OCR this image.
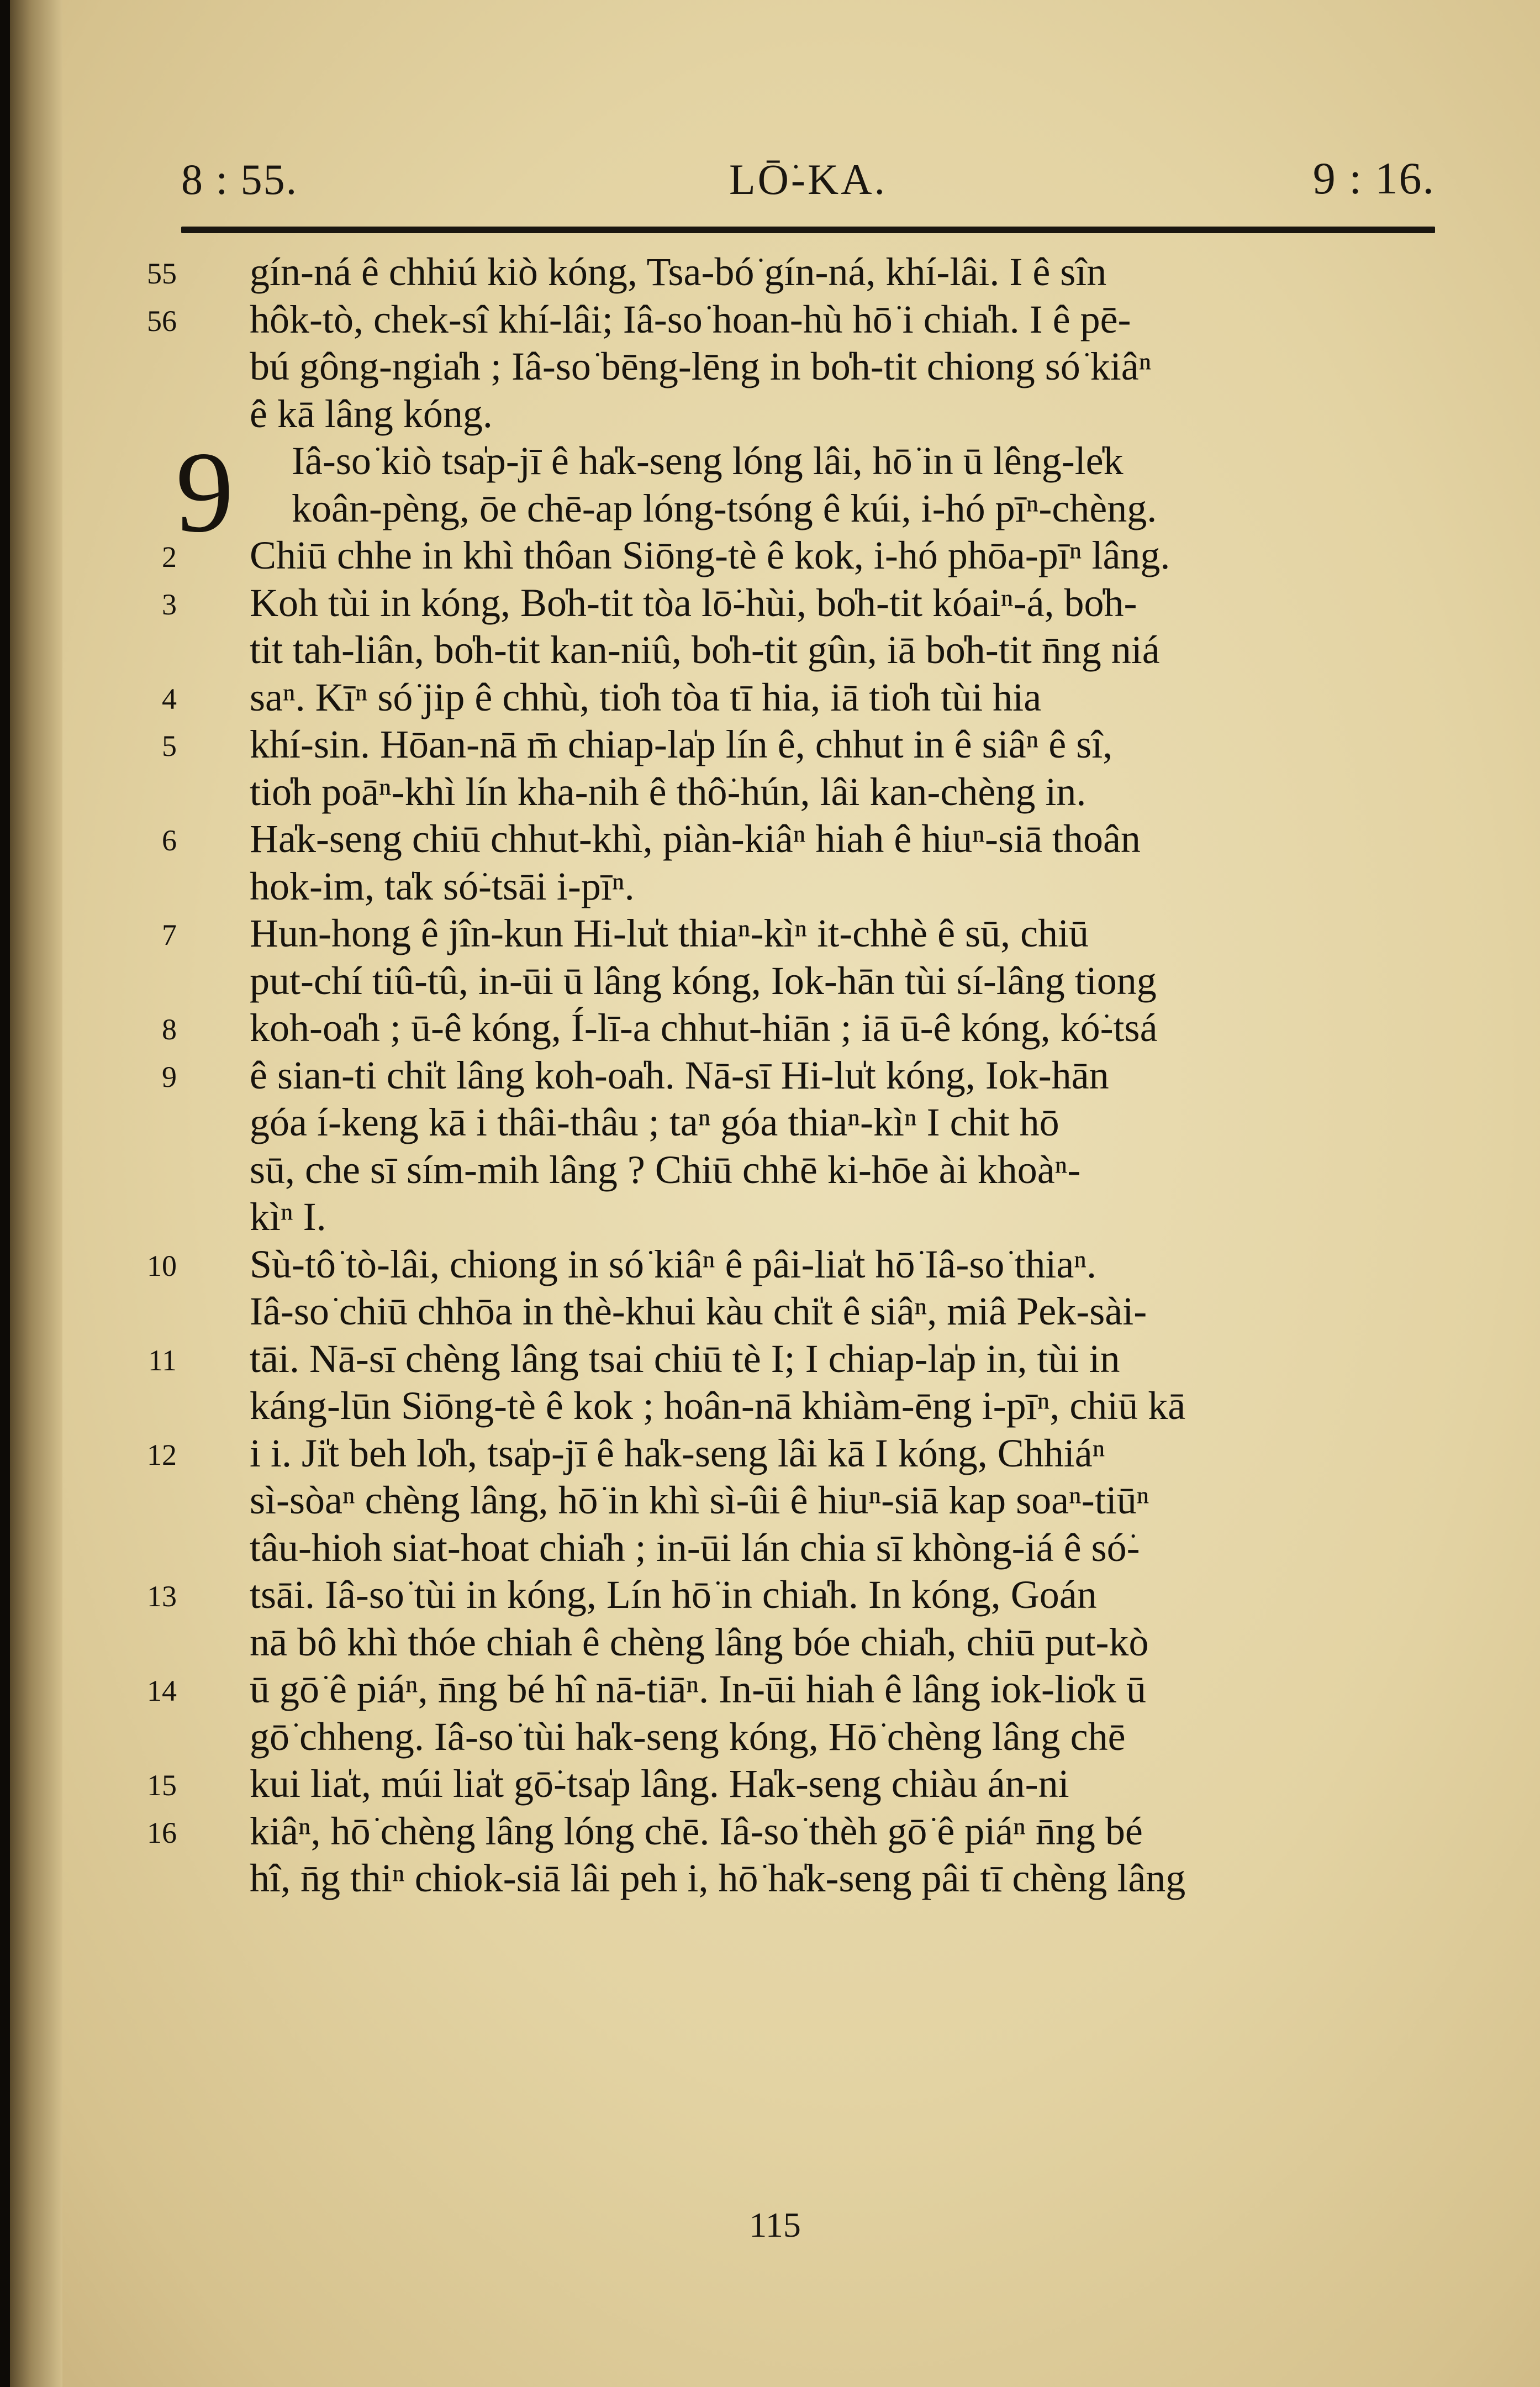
8 : 55.	LŌ͘-KA.	9 : 16.
55 gín-ná ê chhiú kiò kóng, Tsa-bó͘ gín-ná, khí-lâi. I ê sîn
56 hôk-tò, chek-sî khí-lâi; Iâ-so͘ hoan-hù hō͘ i chia̍h. I ê pē-
bú gông-ngia̍h ; Iâ-so͘ bēng-lēng in bo̍h-tit chiong só͘ kiâⁿ
ê kā lâng kóng.
Iâ-so͘ kiò tsa̍p-jī ê ha̍k-seng lóng lâi, hō͘ in ū lêng-le̍k
koân-pèng, ōe chē-ap lóng-tsóng ê kúi, i-hó pīⁿ-chèng.
2 Chiū chhe in khì thôan Siōng-tè ê kok, i-hó phōa-pīⁿ lâng.
3 Koh tùi in kóng, Bo̍h-tit tòa lō͘-hùi, bo̍h-tit kóaiⁿ-á, bo̍h-
tit tah-liân, bo̍h-tit kan-niû, bo̍h-tit gûn, iā bo̍h-tit n̄ng niá
4 saⁿ. Kīⁿ só͘ jip ê chhù, tio̍h tòa tī hia, iā tio̍h tùi hia
5 khí-sin. Hōan-nā m̄ chiap-la̍p lín ê, chhut in ê siâⁿ ê sî,
tio̍h poāⁿ-khì lín kha-nih ê thô͘-hún, lâi kan-chèng in.
6 Ha̍k-seng chiū chhut-khì, piàn-kiâⁿ hiah ê hiuⁿ-siā thoân
hok-im, ta̍k só͘-tsāi i-pīⁿ.
7 Hun-hong ê jîn-kun Hi-lu̍t thiaⁿ-kìⁿ it-chhè ê sū, chiū
put-chí tiû-tû, in-ūi ū lâng kóng, Iok-hān tùi sí-lâng tiong
8 koh-oa̍h ; ū-ê kóng, Í-lī-a chhut-hiān ; iā ū-ê kóng, kó͘-tsá
9 ê sian-ti chi̍t lâng koh-oa̍h. Nā-sī Hi-lu̍t kóng, Iok-hān
góa í-keng kā i thâi-thâu ; taⁿ góa thiaⁿ-kìⁿ I chit hō
sū, che sī sím-mih lâng ? Chiū chhē ki-hōe ài khoàⁿ-
kìⁿ I.
10 Sù-tô͘ tò-lâi, chiong in só͘ kiâⁿ ê pâi-lia̍t hō͘ Iâ-so͘ thiaⁿ.
Iâ-so͘ chiū chhōa in thè-khui kàu chi̍t ê siâⁿ, miâ Pek-sài-
11 tāi. Nā-sī chèng lâng tsai chiū tè I; I chiap-la̍p in, tùi in
káng-lūn Siōng-tè ê kok ; hoân-nā khiàm-ēng i-pīⁿ, chiū kā
12 i i. Ji̍t beh lo̍h, tsa̍p-jī ê ha̍k-seng lâi kā I kóng, Chhiáⁿ
sì-sòaⁿ chèng lâng, hō͘ in khì sì-ûi ê hiuⁿ-siā kap soaⁿ-tiūⁿ
tâu-hioh siat-hoat chia̍h ; in-ūi lán chia sī khòng-iá ê só͘-
13 tsāi. Iâ-so͘ tùi in kóng, Lín hō͘ in chia̍h. In kóng, Goán
nā bô khì thóe chiah ê chèng lâng bóe chia̍h, chiū put-kò
14 ū gō͘ ê piáⁿ, n̄ng bé hî nā-tiāⁿ. In-ūi hiah ê lâng iok-lio̍k ū
gō͘ chheng. Iâ-so͘ tùi ha̍k-seng kóng, Hō͘ chèng lâng chē
15 kui lia̍t, múi lia̍t gō͘-tsa̍p lâng. Ha̍k-seng chiàu án-ni
16 kiâⁿ, hō͘ chèng lâng lóng chē. Iâ-so͘ thèh gō͘ ê piáⁿ n̄ng bé
hî, n̄g thiⁿ chiok-siā lâi peh i, hō͘ ha̍k-seng pâi tī chèng lâng
9
115
